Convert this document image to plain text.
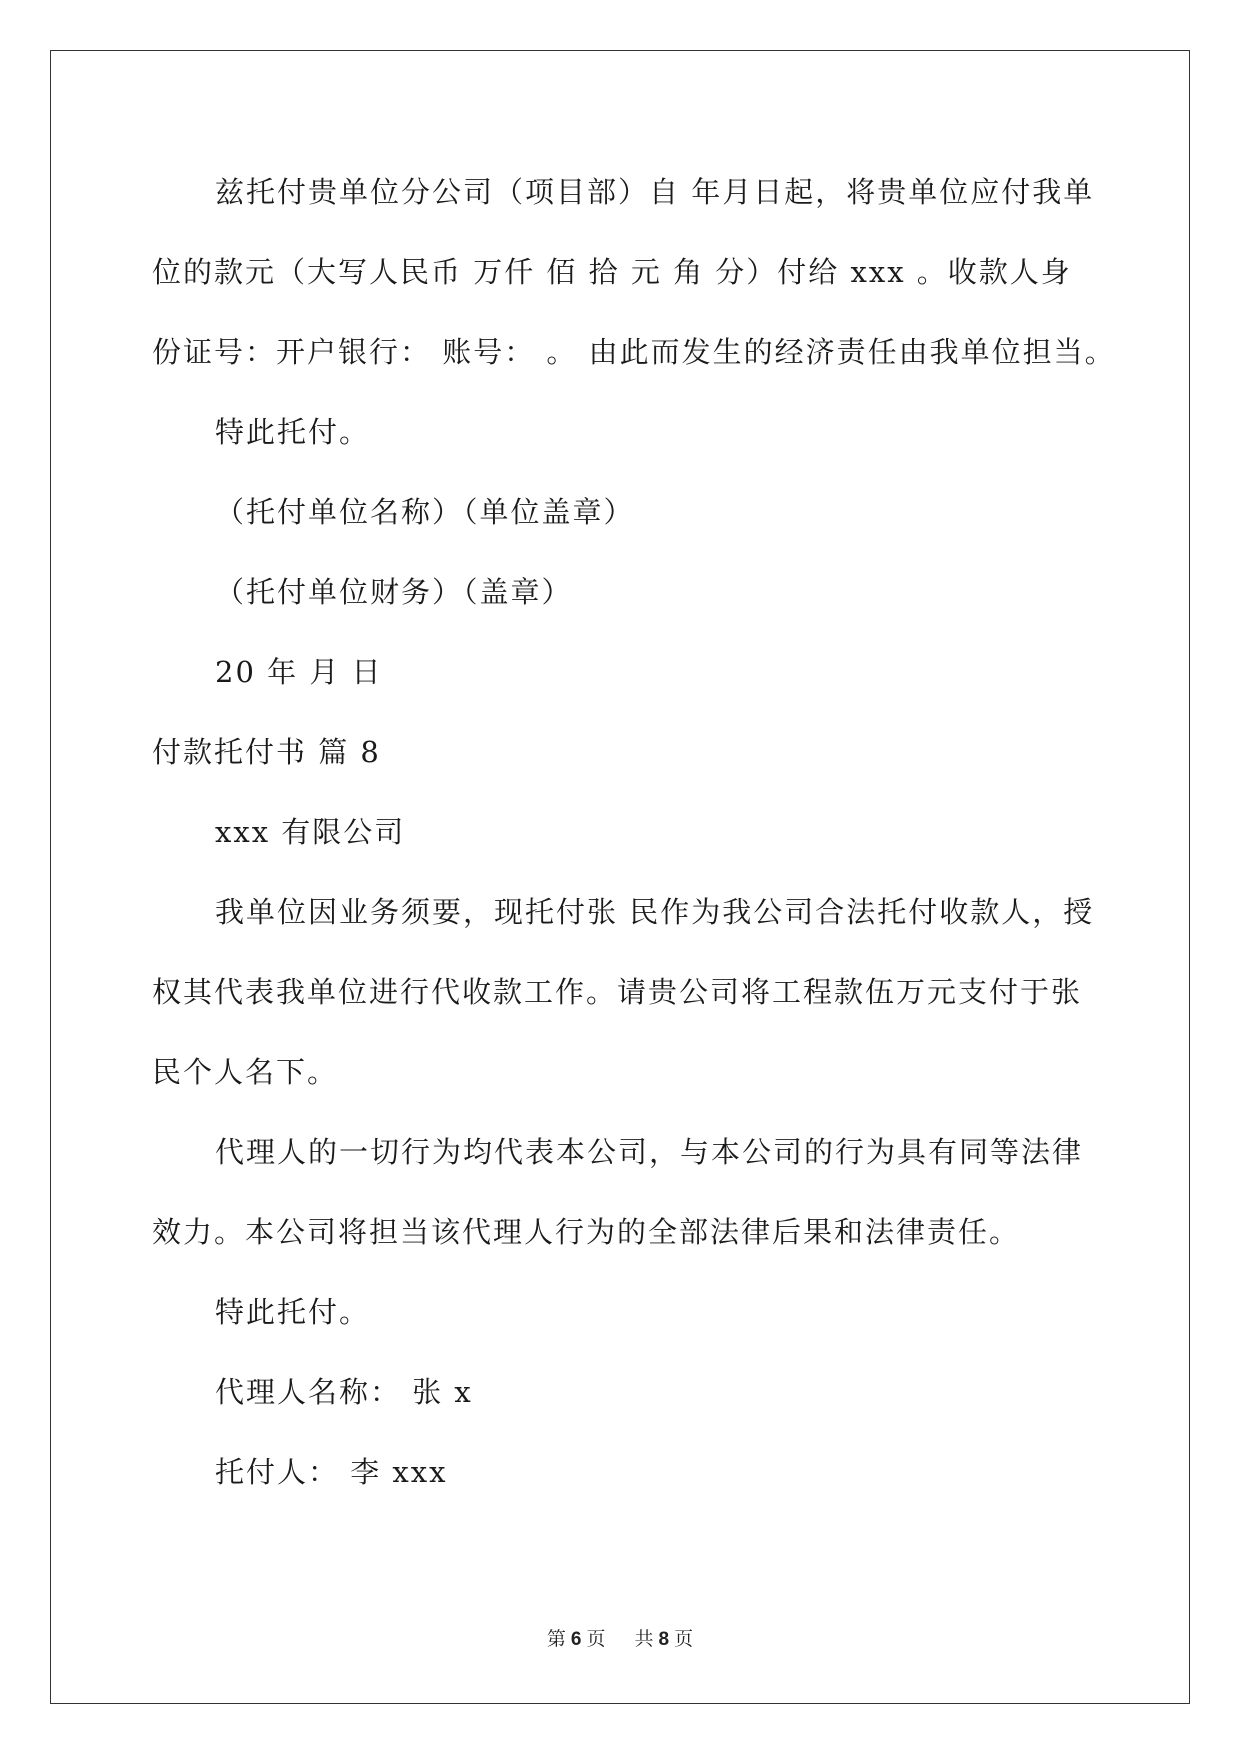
兹托付贵单位分公司（项目部）自 年月日起，将贵单位应付我单
位的款元（大写人民币 万仟 佰 拾 元 角 分）付给 xxx 。收款人身
份证号：开户银行： 账号： 。 由此而发生的经济责任由我单位担当。
特此托付。
（托付单位名称）（单位盖章）
（托付单位财务）（盖章）
20 年 月 日
付款托付书 篇 8
xxx 有限公司
我单位因业务须要，现托付张 民作为我公司合法托付收款人，授
权其代表我单位进行代收款工作。请贵公司将工程款伍万元支付于张
民个人名下。
代理人的一切行为均代表本公司，与本公司的行为具有同等法律
效力。本公司将担当该代理人行为的全部法律后果和法律责任。
特此托付。
代理人名称： 张 x
托付人： 李 xxx
第 6 页 共 8 页
